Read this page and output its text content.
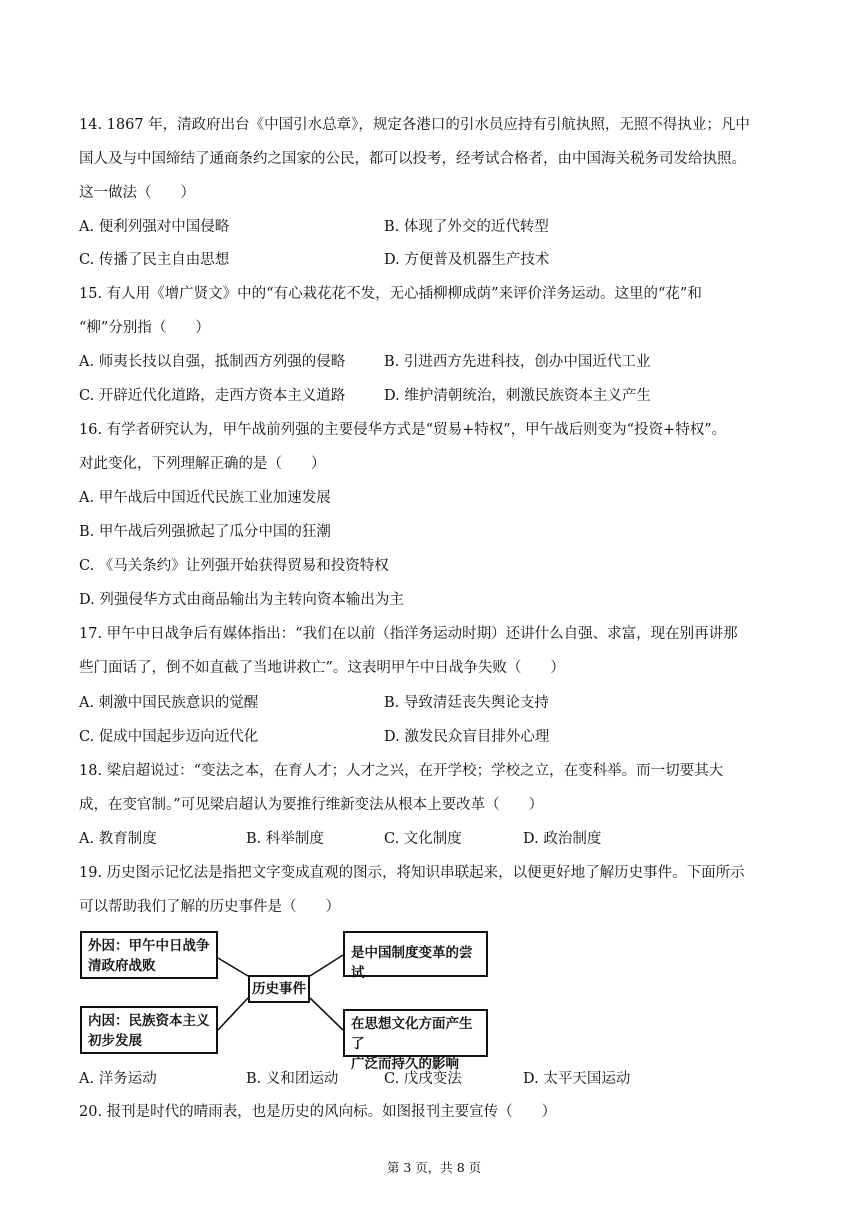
14. 1867 年，清政府出台《中国引水总章》，规定各港口的引水员应持有引航执照，无照不得执业；凡中
国人及与中国缔结了通商条约之国家的公民，都可以投考，经考试合格者，由中国海关税务司发给执照。
这一做法（　　）
A. 便利列强对中国侵略	B. 体现了外交的近代转型
C. 传播了民主自由思想	D. 方便普及机器生产技术
15. 有人用《增广贤文》中的“有心栽花花不发，无心插柳柳成荫”来评价洋务运动。这里的“花”和
“柳”分别指（　　）
A. 师夷长技以自强，抵制西方列强的侵略	B. 引进西方先进科技，创办中国近代工业
C. 开辟近代化道路，走西方资本主义道路	D. 维护清朝统治，刺激民族资本主义产生
16. 有学者研究认为，甲午战前列强的主要侵华方式是“贸易+特权”，甲午战后则变为“投资+特权”。
对此变化，下列理解正确的是（　　）
A. 甲午战后中国近代民族工业加速发展
B. 甲午战后列强掀起了瓜分中国的狂潮
C. 《马关条约》让列强开始获得贸易和投资特权
D. 列强侵华方式由商品输出为主转向资本输出为主
17. 甲午中日战争后有媒体指出：“我们在以前（指洋务运动时期）还讲什么自强、求富，现在别再讲那
些门面话了，倒不如直截了当地讲救亡”。这表明甲午中日战争失败（　　）
A. 刺激中国民族意识的觉醒	B. 导致清廷丧失舆论支持
C. 促成中国起步迈向近代化	D. 激发民众盲目排外心理
18. 梁启超说过：“变法之本，在育人才；人才之兴，在开学校；学校之立，在变科举。而一切要其大
成，在变官制。”可见梁启超认为要推行维新变法从根本上要改革（　　）
A. 教育制度	B. 科举制度	C. 文化制度	D. 政治制度
19. 历史图示记忆法是指把文字变成直观的图示，将知识串联起来，以便更好地了解历史事件。下面所示
可以帮助我们了解的历史事件是（　　）
外因：甲午中日战争
清政府战败
内因：民族资本主义
初步发展
历史事件
是中国制度变革的尝试
在思想文化方面产生了
广泛而持久的影响
A. 洋务运动	B. 义和团运动	C. 戊戌变法	D. 太平天国运动
20. 报刊是时代的晴雨表，也是历史的风向标。如图报刊主要宣传（　　）
第 3 页，共 8 页
